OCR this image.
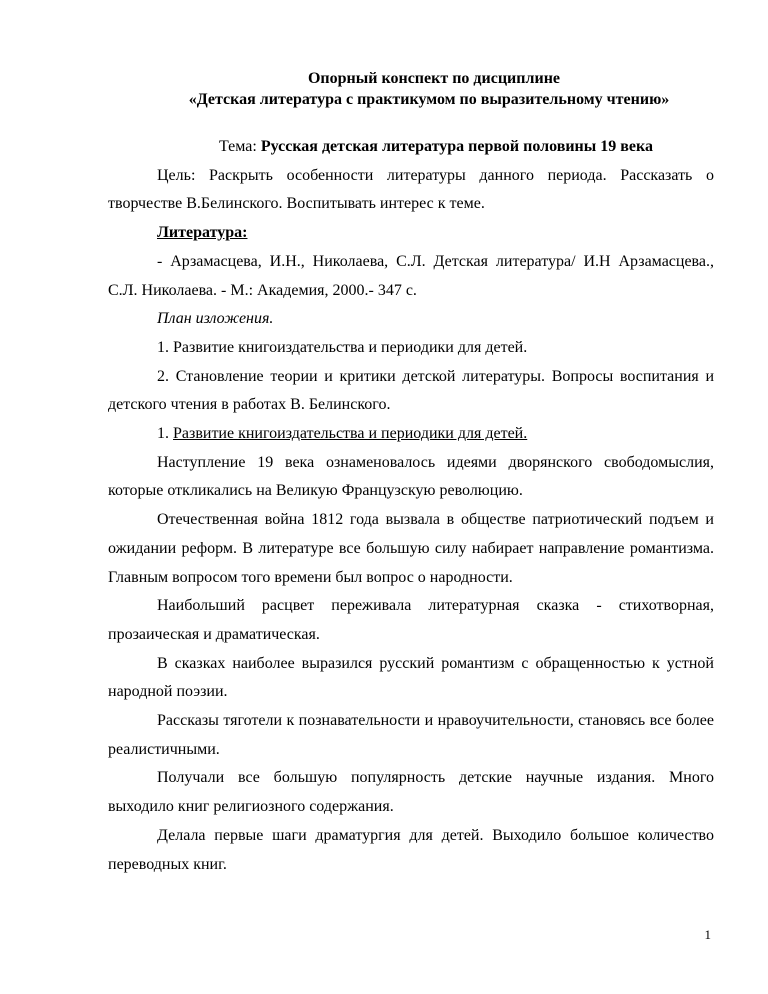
Опорный конспект по дисциплине
«Детская литература с практикумом по выразительному чтению»

Тема: Русская детская литература первой половины 19 века

Цель: Раскрыть особенности литературы данного периода. Рассказать о творчестве В.Белинского. Воспитывать интерес к теме.

Литература:

- Арзамасцева, И.Н., Николаева, С.Л. Детская литература/ И.Н Арзамасцева., С.Л. Николаева. - М.: Академия, 2000.- 347 с.

План изложения.

1. Развитие книгоиздательства и периодики для детей.

2. Становление теории и критики детской литературы. Вопросы воспитания и детского чтения в работах В. Белинского.

1. Развитие книгоиздательства и периодики для детей.

Наступление 19 века ознаменовалось идеями дворянского свободомыслия, которые откликались на Великую Французскую революцию.

Отечественная война 1812 года вызвала в обществе патриотический подъем и ожидании реформ. В литературе все большую силу набирает направление романтизма. Главным вопросом того времени был вопрос о народности.

Наибольший расцвет переживала литературная сказка - стихотворная, прозаическая и драматическая.

В сказках наиболее выразился русский романтизм с обращенностью к устной народной поэзии.

Рассказы тяготели к познавательности и нравоучительности, становясь все более реалистичными.

Получали все большую популярность детские научные издания. Много выходило книг религиозного содержания.

Делала первые шаги драматургия для детей. Выходило большое количество переводных книг.

1
